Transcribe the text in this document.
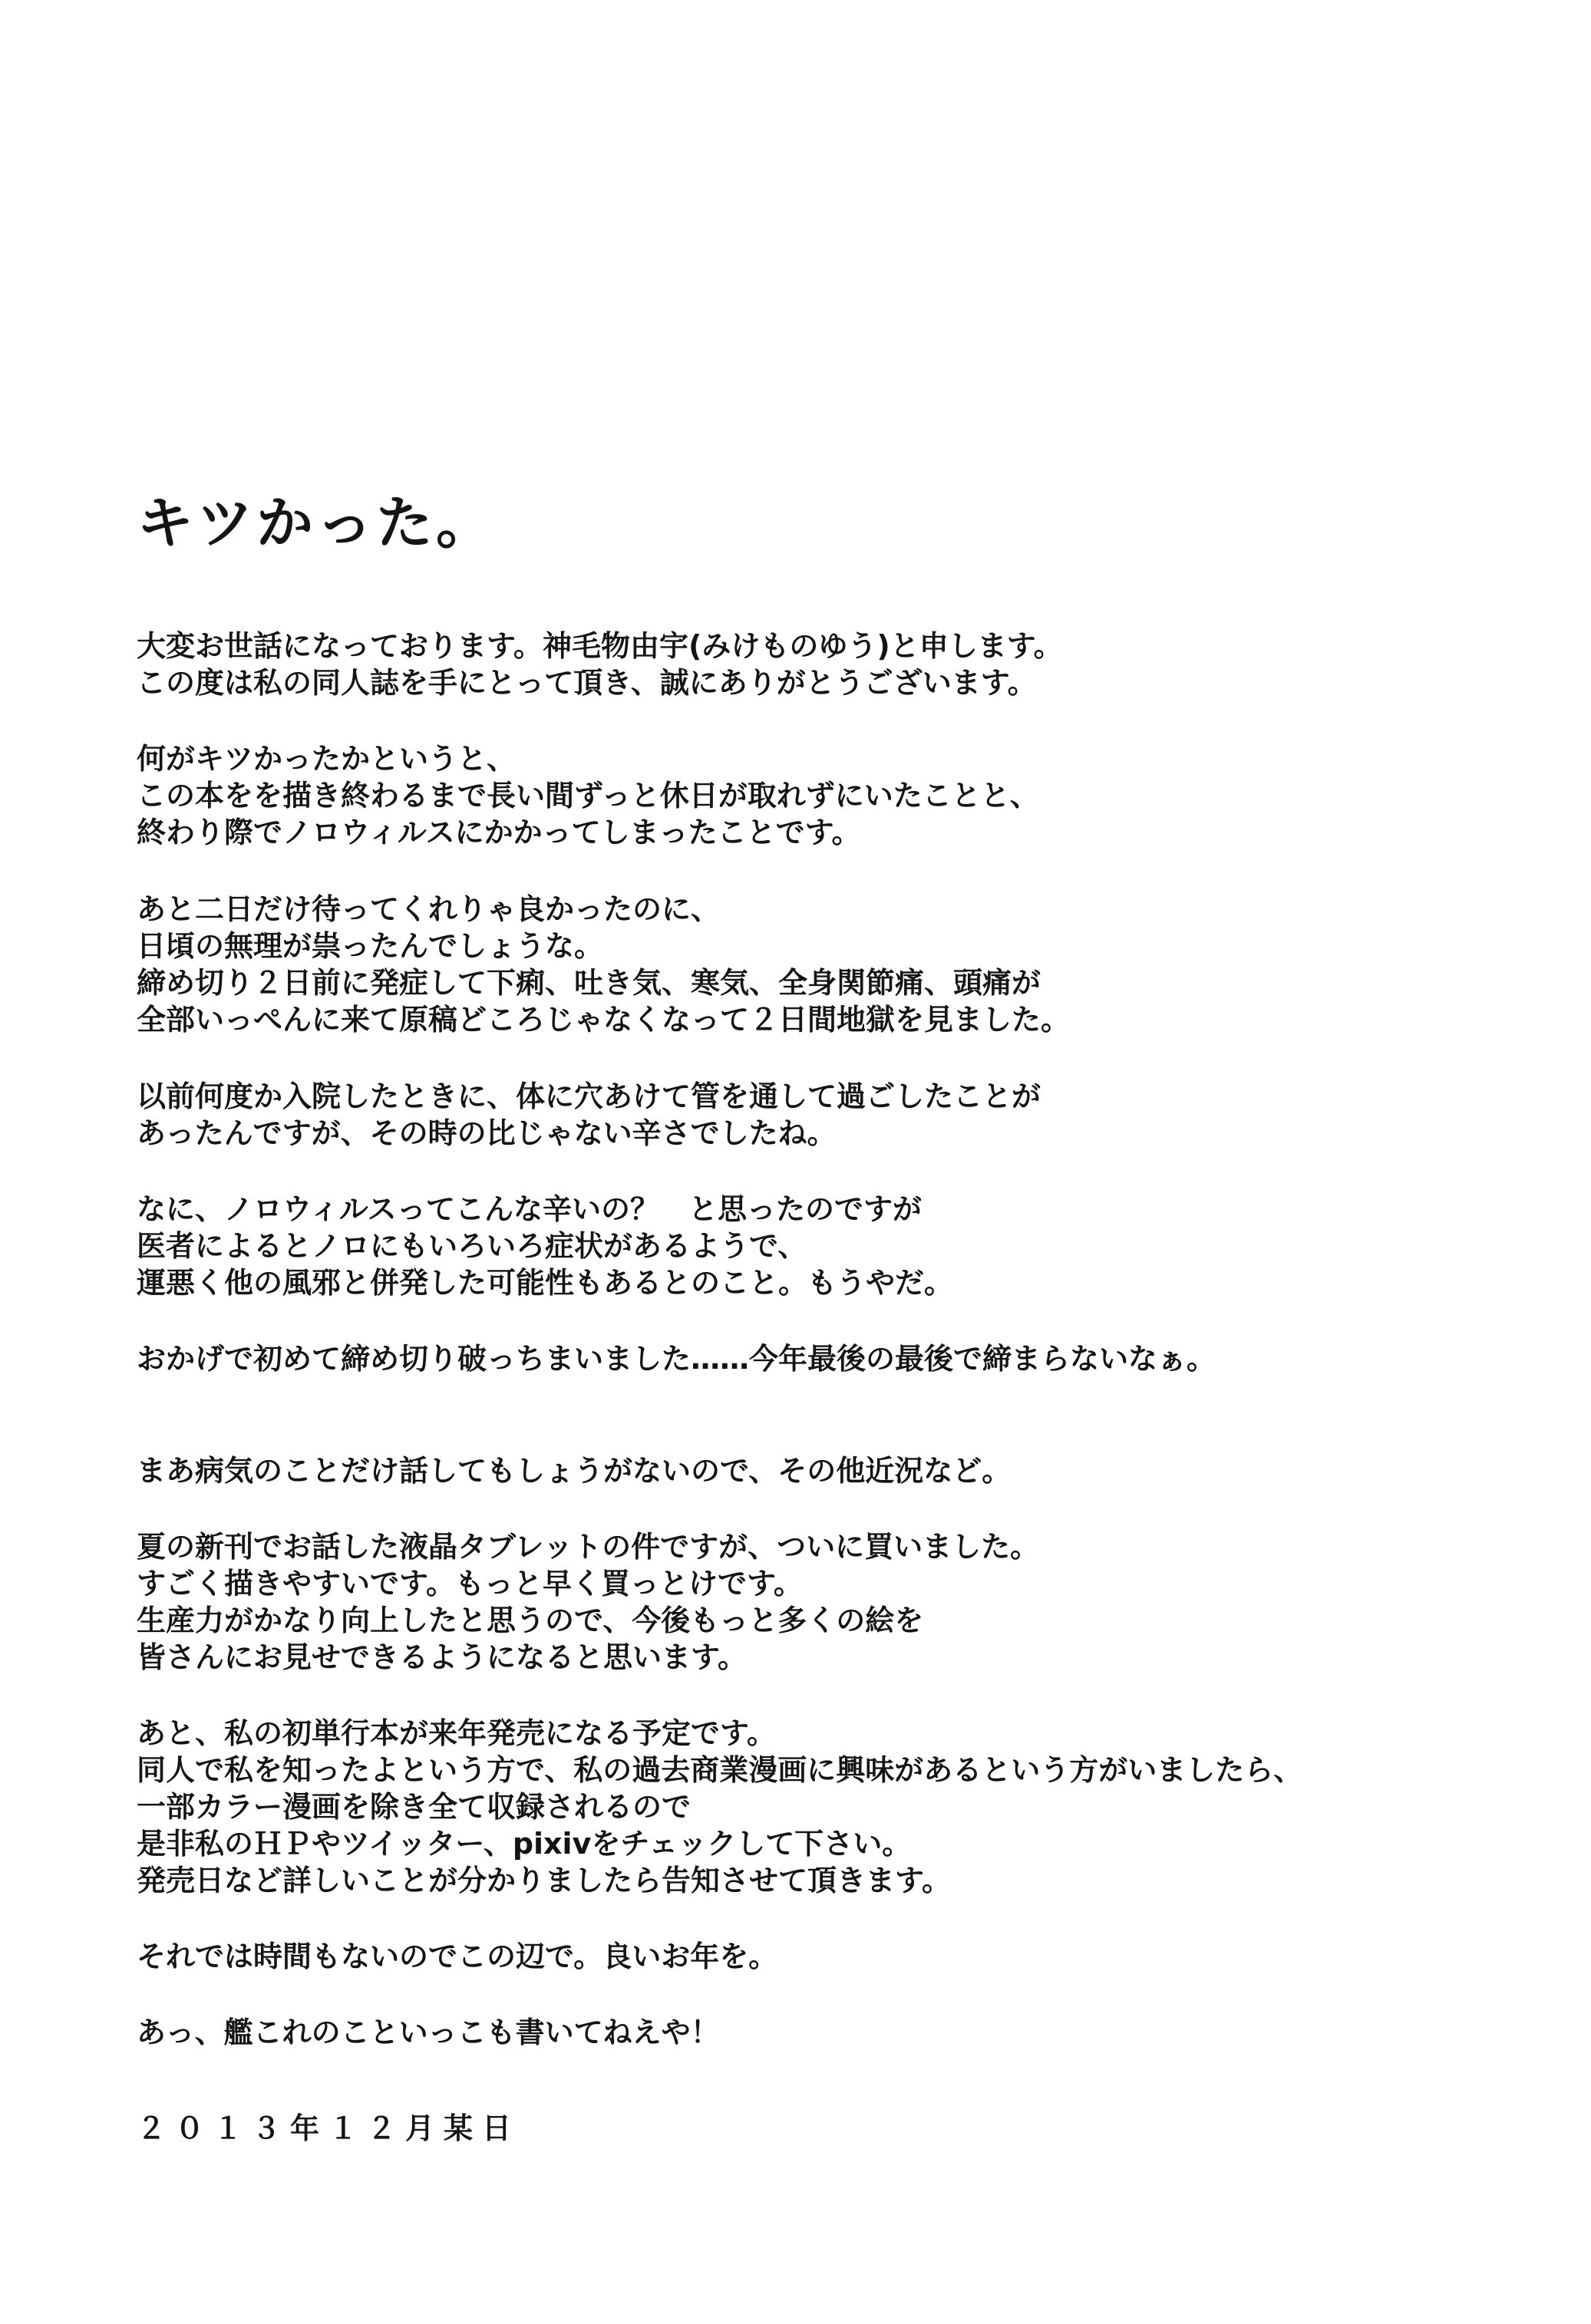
キツかった。

大変お世話になっております。神毛物由宇(みけものゆう)と申します。

この度は私の同人誌を手にとって頂き、誠にありがとうございます。

何がキツかったかというと、

この本をを描き終わるまで長い間ずっと休日が取れずにいたことと、

終わり際でノロウィルスにかかってしまったことです。

あと二日だけ待ってくれりゃ良かったのに、

日頃の無理が祟ったんでしょうな。

締め切り２日前に発症して下痢、吐き気、寒気、全身関節痛、頭痛が

全部いっぺんに来て原稿どころじゃなくなって２日間地獄を見ました。

以前何度か入院したときに、体に穴あけて管を通して過ごしたことが

あったんですが、その時の比じゃない辛さでしたね。

なに、ノロウィルスってこんな辛いの？　と思ったのですが

医者によるとノロにもいろいろ症状があるようで、

運悪く他の風邪と併発した可能性もあるとのこと。もうやだ。

おかげで初めて締め切り破っちまいました……今年最後の最後で締まらないなぁ。

まあ病気のことだけ話してもしょうがないので、その他近況など。

夏の新刊でお話した液晶タブレットの件ですが、ついに買いました。

すごく描きやすいです。もっと早く買っとけです。

生産力がかなり向上したと思うので、今後もっと多くの絵を

皆さんにお見せできるようになると思います。

あと、私の初単行本が来年発売になる予定です。

同人で私を知ったよという方で、私の過去商業漫画に興味があるという方がいましたら、

一部カラー漫画を除き全て収録されるので

是非私のＨＰやツイッター、pixivをチェックして下さい。

発売日など詳しいことが分かりましたら告知させて頂きます。

それでは時間もないのでこの辺で。良いお年を。

あっ、艦これのこといっこも書いてねえや！

２０１３年１２月某日
